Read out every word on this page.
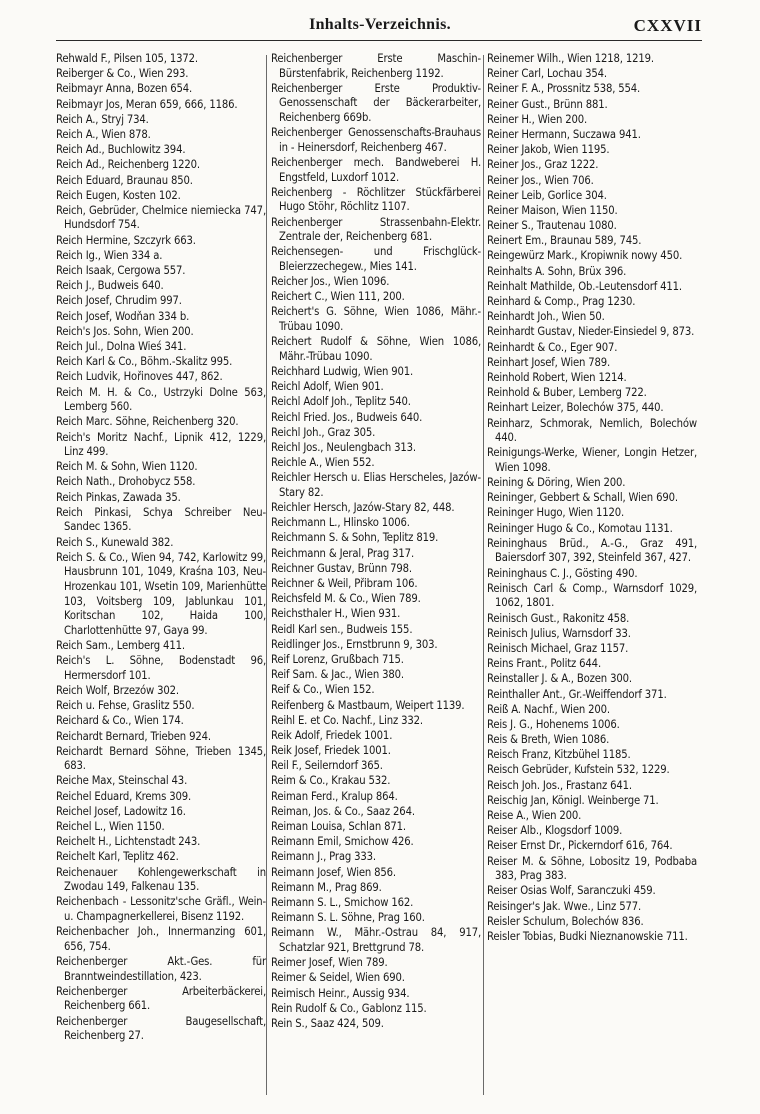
Inhalts-Verzeichnis.	CXXVII
Rehwald F., Pilsen 105, 1372.
Reiberger & Co., Wien 293.
Reibmayr Anna, Bozen 654.
Reibmayr Jos, Meran 659, 666, 1186.
Reich A., Stryj 734.
Reich A., Wien 878.
Reich Ad., Buchlowitz 394.
Reich Ad., Reichenberg 1220.
Reich Eduard, Braunau 850.
Reich Eugen, Kosten 102.
Reich, Gebrüder, Chelmice niemiecka 747, Hundsdorf 754.
Reich Hermine, Szczyrk 663.
Reich Ig., Wien 334 a.
Reich Isaak, Cergowa 557.
Reich J., Budweis 640.
Reich Josef, Chrudim 997.
Reich Josef, Wodňan 334 b.
Reich's Jos. Sohn, Wien 200.
Reich Jul., Dolna Wieś 341.
Reich Karl & Co., Böhm.-Skalitz 995.
Reich Ludvik, Hořinoves 447, 862.
Reich M. H. & Co., Ustrzyki Dolne 563, Lemberg 560.
Reich Marc. Söhne, Reichenberg 320.
Reich's Moritz Nachf., Lipnik 412, 1229, Linz 499.
Reich M. & Sohn, Wien 1120.
Reich Nath., Drohobycz 558.
Reich Pinkas, Zawada 35.
Reich Pinkasi, Schya Schreiber Neu-Sandec 1365.
Reich S., Kunewald 382.
Reich S. & Co., Wien 94, 742, Karlowitz 99, Hausbrunn 101, 1049, Kraśna 103, Neu-Hrozenkau 101, Wsetin 109, Marienhütte 103, Voitsberg 109, Jablunkau 101, Koritschan 102, Haida 100, Charlottenhütte 97, Gaya 99.
Reich Sam., Lemberg 411.
Reich's L. Söhne, Bodenstadt 96, Hermersdorf 101.
Reich Wolf, Brzezów 302.
Reich u. Fehse, Graslitz 550.
Reichard & Co., Wien 174.
Reichardt Bernard, Trieben 924.
Reichardt Bernard Söhne, Trieben 1345, 683.
Reiche Max, Steinschal 43.
Reichel Eduard, Krems 309.
Reichel Josef, Ladowitz 16.
Reichel L., Wien 1150.
Reichelt H., Lichtenstadt 243.
Reichelt Karl, Teplitz 462.
Reichenauer Kohlengewerkschaft in Zwodau 149, Falkenau 135.
Reichenbach - Lessonitz'sche Gräfl., Wein- u. Champagnerkellerei, Bisenz 1192.
Reichenbacher Joh., Innermanzing 601, 656, 754.
Reichenberger Akt.-Ges. für Branntweindestillation, 423.
Reichenberger Arbeiterbäckerei, Reichenberg 661.
Reichenberger Baugesellschaft, Reichenberg 27.
Reichenberger Erste Maschin-Bürstenfabrik, Reichenberg 1192.
Reichenberger Erste Produktiv-Genossenschaft der Bäckerarbeiter, Reichenberg 669b.
Reichenberger Genossenschafts-Brauhaus in - Heinersdorf, Reichenberg 467.
Reichenberger mech. Bandweberei H. Engstfeld, Luxdorf 1012.
Reichenberg - Röchlitzer Stückfärberei Hugo Stöhr, Röchlitz 1107.
Reichenberger Strassenbahn-Elektr. Zentrale der, Reichenberg 681.
Reichensegen- und Frischglück-Bleierzzechegew., Mies 141.
Reicher Jos., Wien 1096.
Reichert C., Wien 111, 200.
Reichert's G. Söhne, Wien 1086, Mähr.-Trübau 1090.
Reichert Rudolf & Söhne, Wien 1086, Mähr.-Trübau 1090.
Reichhard Ludwig, Wien 901.
Reichl Adolf, Wien 901.
Reichl Adolf Joh., Teplitz 540.
Reichl Fried. Jos., Budweis 640.
Reichl Joh., Graz 305.
Reichl Jos., Neulengbach 313.
Reichle A., Wien 552.
Reichler Hersch u. Elias Herscheles, Jazów-Stary 82.
Reichler Hersch, Jazów-Stary 82, 448.
Reichmann L., Hlinsko 1006.
Reichmann S. & Sohn, Teplitz 819.
Reichmann & Jeral, Prag 317.
Reichner Gustav, Brünn 798.
Reichner & Weil, Přibram 106.
Reichsfeld M. & Co., Wien 789.
Reichsthaler H., Wien 931.
Reidl Karl sen., Budweis 155.
Reidlinger Jos., Ernstbrunn 9, 303.
Reif Lorenz, Grußbach 715.
Reif Sam. & Jac., Wien 380.
Reif & Co., Wien 152.
Reifenberg & Mastbaum, Weipert 1139.
Reihl E. et Co. Nachf., Linz 332.
Reik Adolf, Friedek 1001.
Reik Josef, Friedek 1001.
Reil F., Seilerndorf 365.
Reim & Co., Krakau 532.
Reiman Ferd., Kralup 864.
Reiman, Jos. & Co., Saaz 264.
Reiman Louisa, Schlan 871.
Reimann Emil, Smichow 426.
Reimann J., Prag 333.
Reimann Josef, Wien 856.
Reimann M., Prag 869.
Reimann S. L., Smichow 162.
Reimann S. L. Söhne, Prag 160.
Reimann W., Mähr.-Ostrau 84, 917, Schatzlar 921, Brettgrund 78.
Reimer Josef, Wien 789.
Reimer & Seidel, Wien 690.
Reimisch Heinr., Aussig 934.
Rein Rudolf & Co., Gablonz 115.
Rein S., Saaz 424, 509.
Reinemer Wilh., Wien 1218, 1219.
Reiner Carl, Lochau 354.
Reiner F. A., Prossnitz 538, 554.
Reiner Gust., Brünn 881.
Reiner H., Wien 200.
Reiner Hermann, Suczawa 941.
Reiner Jakob, Wien 1195.
Reiner Jos., Graz 1222.
Reiner Jos., Wien 706.
Reiner Leib, Gorlice 304.
Reiner Maison, Wien 1150.
Reiner S., Trautenau 1080.
Reinert Em., Braunau 589, 745.
Reingewürz Mark., Kropiwnik nowy 450.
Reinhalts A. Sohn, Brüx 396.
Reinhalt Mathilde, Ob.-Leutensdorf 411.
Reinhard & Comp., Prag 1230.
Reinhardt Joh., Wien 50.
Reinhardt Gustav, Nieder-Einsiedel 9, 873.
Reinhardt & Co., Eger 907.
Reinhart Josef, Wien 789.
Reinhold Robert, Wien 1214.
Reinhold & Buber, Lemberg 722.
Reinhart Leizer, Bolechów 375, 440.
Reinharz, Schmorak, Nemlich, Bolechów 440.
Reinigungs-Werke, Wiener, Longin Hetzer, Wien 1098.
Reining & Döring, Wien 200.
Reininger, Gebbert & Schall, Wien 690.
Reininger Hugo, Wien 1120.
Reininger Hugo & Co., Komotau 1131.
Reininghaus Brüd., A.-G., Graz 491, Baiersdorf 307, 392, Steinfeld 367, 427.
Reininghaus C. J., Gösting 490.
Reinisch Carl & Comp., Warnsdorf 1029, 1062, 1801.
Reinisch Gust., Rakonitz 458.
Reinisch Julius, Warnsdorf 33.
Reinisch Michael, Graz 1157.
Reins Frant., Politz 644.
Reinstaller J. & A., Bozen 300.
Reinthaller Ant., Gr.-Weiffendorf 371.
Reiß A. Nachf., Wien 200.
Reis J. G., Hohenems 1006.
Reis & Breth, Wien 1086.
Reisch Franz, Kitzbühel 1185.
Reisch Gebrüder, Kufstein 532, 1229.
Reisch Joh. Jos., Frastanz 641.
Reischig Jan, Königl. Weinberge 71.
Reise A., Wien 200.
Reiser Alb., Klogsdorf 1009.
Reiser Ernst Dr., Pickerndorf 616, 764.
Reiser M. & Söhne, Lobositz 19, Podbaba 383, Prag 383.
Reiser Osias Wolf, Saranczuki 459.
Reisinger's Jak. Wwe., Linz 577.
Reisler Schulum, Bolechów 836.
Reisler Tobias, Budki Nieznanowskie 711.
